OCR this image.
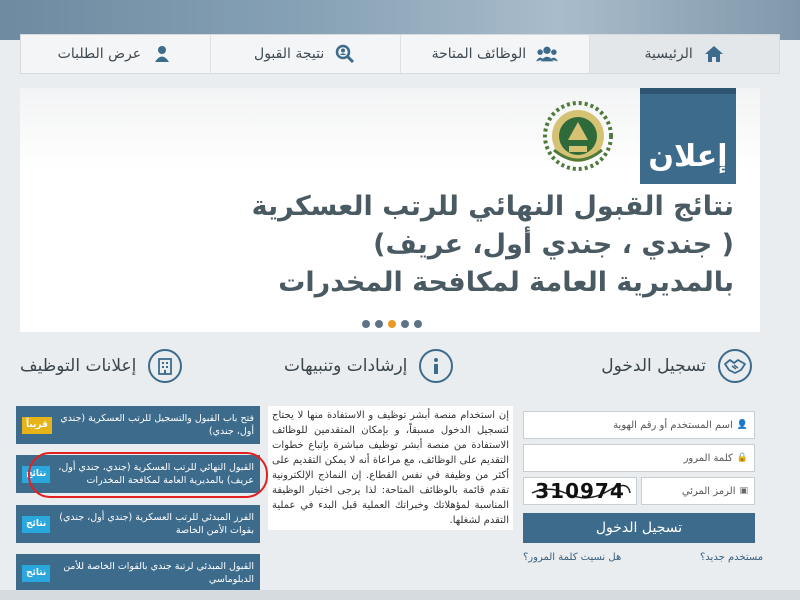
الرئيسية
الوظائف المتاحة
نتيجة القبول
عرض الطلبات
إعلان
نتائج القبول النهائي للرتب العسكرية
( جندي ، جندي أول، عريف)
بالمديرية العامة لمكافحة المخدرات
تسجيل الدخول
👤
اسم المستخدم أو رقم الهوية
🔒
كلمة المرور
▣
الرمز المرئي
310974
تسجيل الدخول
مستخدم جديد؟
هل نسيت كلمة المرور؟
إرشادات وتنبيهات
إن استخدام منصة أبشر توظيف و الاستفادة منها لا يحتاج لتسجيل الدخول مسبقاً، و بإمكان المتقدمين للوظائف الاستفادة من منصة أبشر توظيف مباشرة بإتباع خطوات التقديم على الوظائف، مع مراعاة أنه لا يمكن التقديم على أكثر من وظيفة في نفس القطاع. إن النماذج الإلكترونية تقدم قائمة بالوظائف المتاحة: لذا يرجى اختيار الوظيفة المناسبة لمؤهلاتك وخبراتك العملية قبل البدء في عملية التقدم لشغلها.
إعلانات التوظيف
فتح باب القبول والتسجيل للرتب العسكرية (جندي أول، جندي)
قريباً
القبول النهائي للرتب العسكرية (جندي، جندي أول، عريف) بالمديرية العامة لمكافحة المخدرات
نتائج
الفرز المبدئي للرتب العسكرية (جندي أول، جندي) بقوات الأمن الخاصة
نتائج
القبول المبدئي لرتبة جندي بالقوات الخاصة للأمن الدبلوماسي
نتائج
